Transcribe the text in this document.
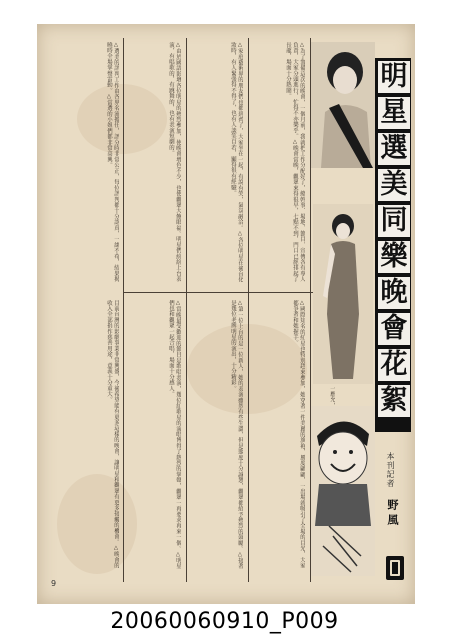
△為了籌備這次的晚會，一個月前，我就把工作分配好了，總幹事、場地、節目、宣傳各有專人負責，大家分頭進行，忙得不亦樂乎。△晚會當晚，觀眾來得很早，七點不到，門口已經排起了長龍，場面十分熱鬧。
△家庭藝術界的朋友們也都到齊了，大家坐在一起，有說有笑，氣氛融洽。△各位明星在後台化妝時，有人緊張得不得了，也有人談笑自若，顯得很有經驗。
△由於國語影壇各位明星的熱烈參加，使晚會增色不少，也使觀眾大飽眼福。明星們紛紛上台表演，有唱歌的，有跳舞的，也有表演短劇的。
△選美的評判工作由各界名流擔任，評分時非常公正，每位評判都十分認真，一絲不苟，結果揭曉時全場掌聲雷動。△當選的小姐們都非常高興。
目前台灣的影劇事業非常興盛，今後希望能有更多這樣的晚會，讓明星和觀眾有更多接觸的機會。△晚會的收入全部捐作慈善用途，意義十分重大。	△當晚最受歡迎的節目是歌唱表演，幾位紅歌星的演唱博得了熱烈的掌聲，觀眾一再要求再來一個。△明星們也和觀眾一起合唱，場面十分感人。	△第一位上台的是一位新人，她的表演雖然有些生澀，但是態度十分誠懇，觀眾都給予熱烈的鼓勵。△接著是幾位老牌明星的演出，十分精彩。	△國際知名的紅星也特別趕來參加，她穿著一件美麗的旗袍，風度翩翩，一出場就吸引了全場的目光，大家都爭著和她握手。
明
星
選
美
同
樂
晚
會
花
絮
本刊記者
野風
9
20060060910_P009
